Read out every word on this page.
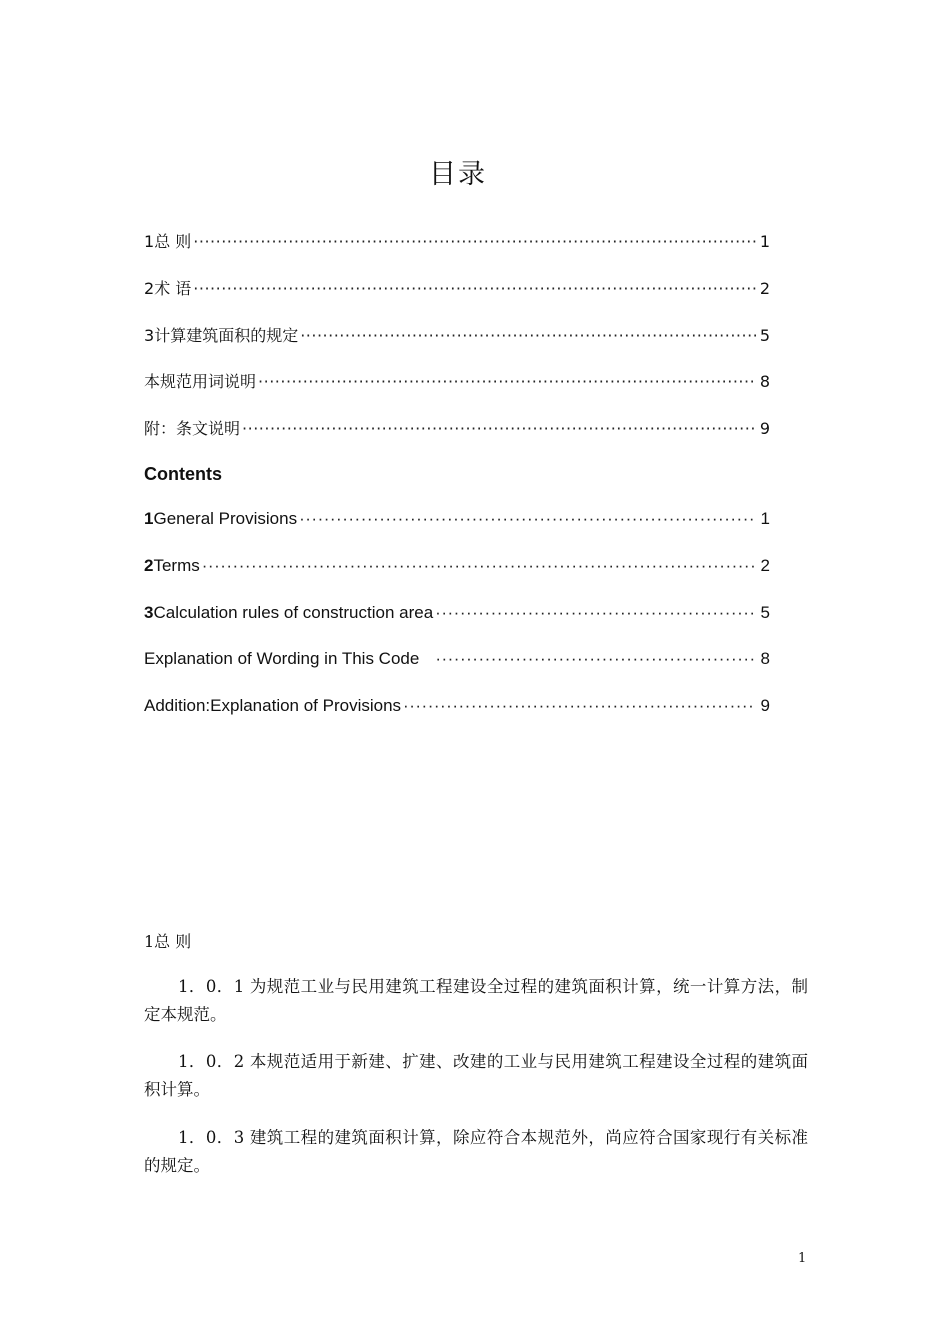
目录
1 总 则 ·····	1
2 术 语 ·····	2
3 计算建筑面积的规定 ·····	5
本规范用词说明 ·····	8
附：条文说明 ·····	9
Contents
1 General Provisions ·····	1
2 Terms ·····	2
3 Calculation rules of construction area ·····	5
Explanation of Wording in This Code ·····	8
Addition:Explanation of Provisions ·····	9
1总 则
1．0．1 为规范工业与民用建筑工程建设全过程的建筑面积计算，统一计算方法，制定本规范。
1．0．2 本规范适用于新建、扩建、改建的工业与民用建筑工程建设全过程的建筑面积计算。
1．0．3 建筑工程的建筑面积计算，除应符合本规范外，尚应符合国家现行有关标准的规定。
1
